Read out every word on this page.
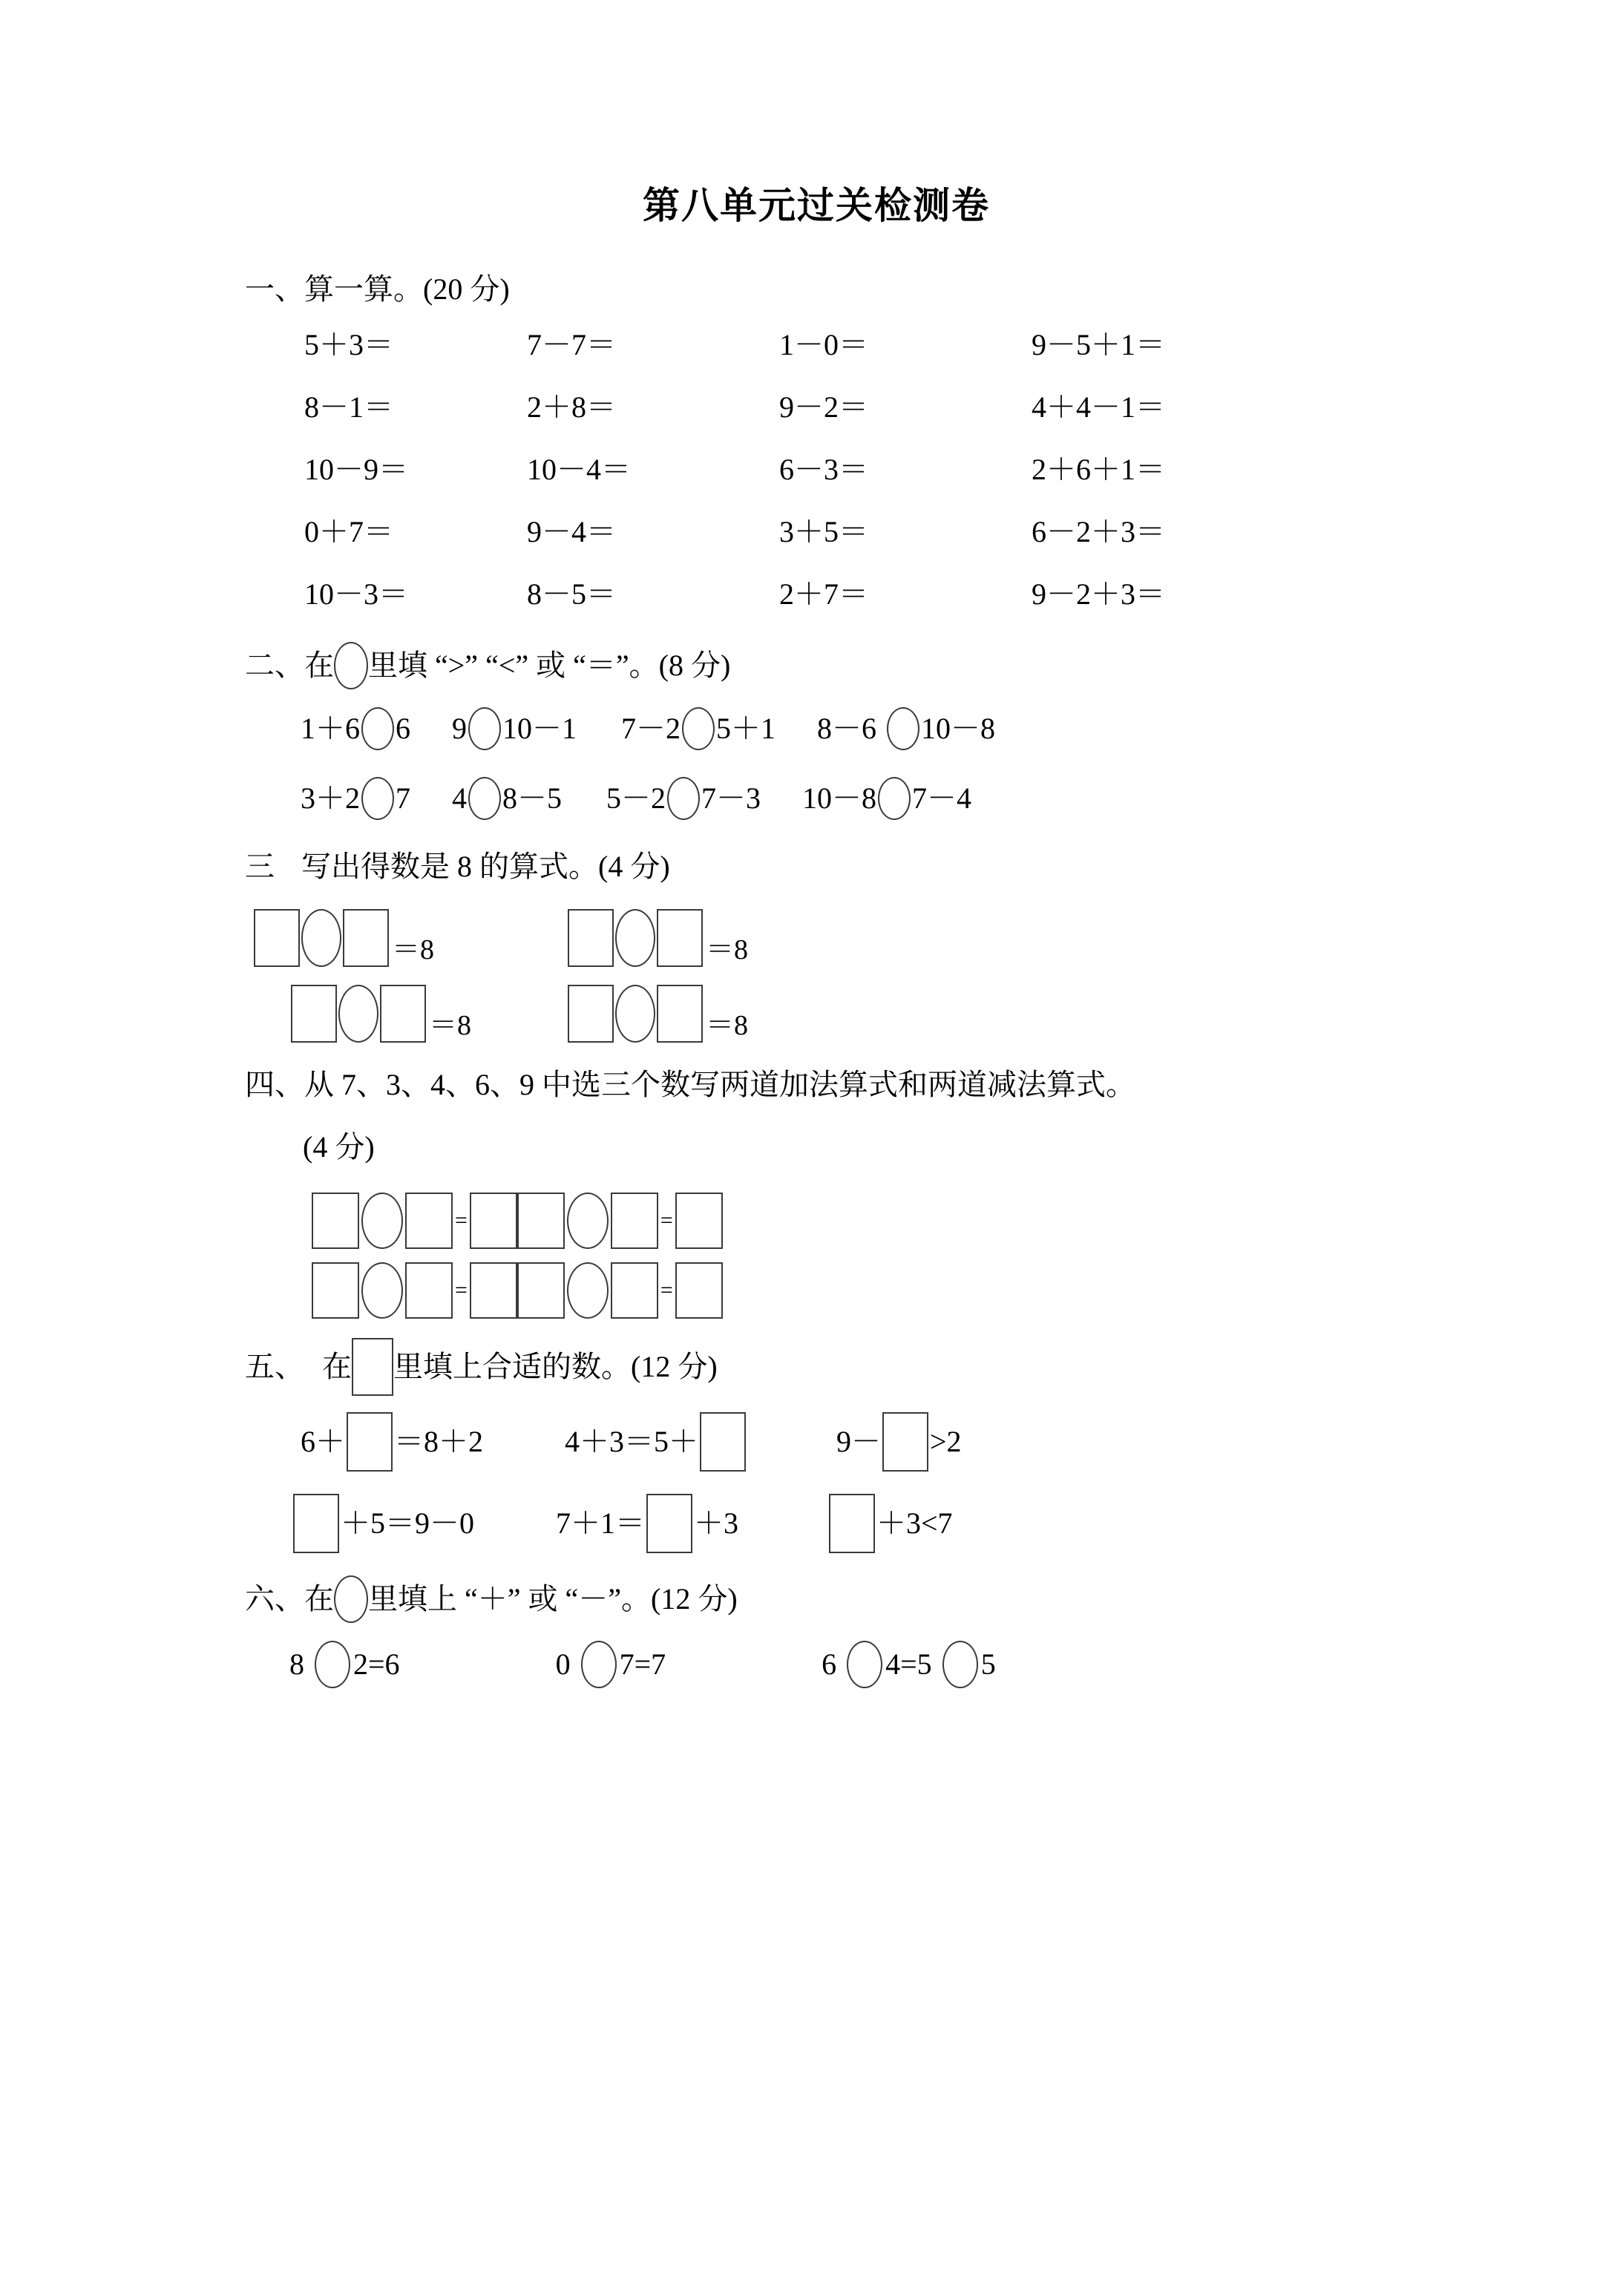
第八单元过关检测卷
一、 算一算。 (20 分)
5＋3＝	7－7＝	1－0＝	9－5＋1＝
8－1＝	2＋8＝	9－2＝	4＋4－1＝
10－9＝	10－4＝	6－3＝	2＋6＋1＝
0＋7＝	9－4＝	3＋5＝	6－2＋3＝
10－3＝	8－5＝	2＋7＝	9－2＋3＝
二、 在 里填 “>” “<” 或 “＝”。 (8 分)
1＋6 6 9 10－1 7－2 5＋1 8－6 10－8
3＋2 7 4 8－5 5－2 7－3 10－8 7－4
三 写出得数是 8 的算式。 (4 分)
＝8	＝8
＝8	＝8
四、 从 7、3、4、6、9 中选三个数写两道加法算式和两道减法算式。
(4 分)
=	=
=	=
五、 在 里填上合适的数。 (12 分)
6＋ ＝8＋2	4＋3＝5＋	9－ >2
＋5＝9－0	7＋1＝ ＋3	＋3<7
六、 在 里填上 “＋” 或 “－”。 (12 分)
8 2=6	0 7=7	6 4=5 5
